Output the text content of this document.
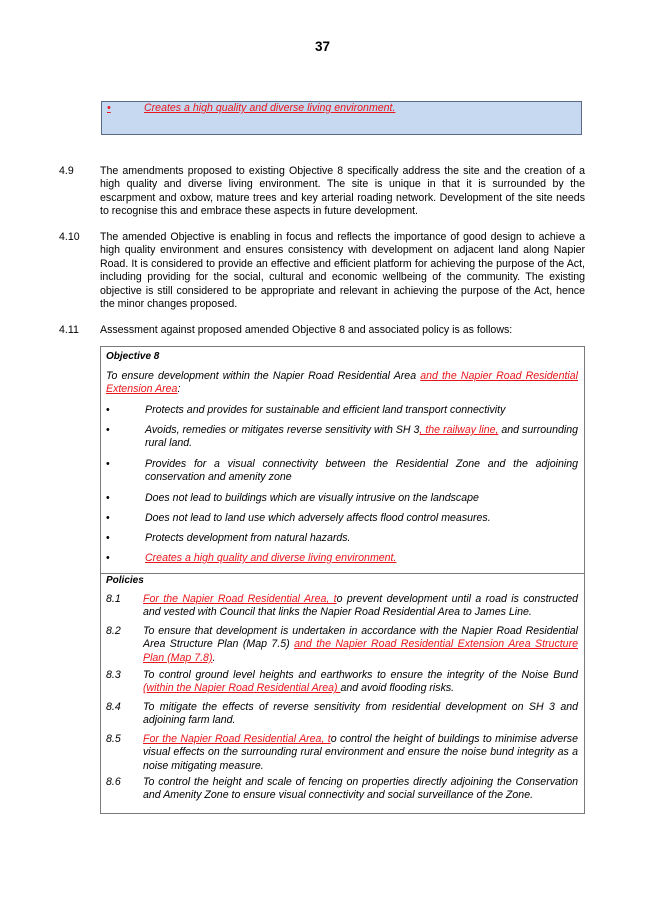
37
•	Creates a high quality and diverse living environment.
4.9 The amendments proposed to existing Objective 8 specifically address the site and the creation of a high quality and diverse living environment. The site is unique in that it is surrounded by the escarpment and oxbow, mature trees and key arterial roading network. Development of the site needs to recognise this and embrace these aspects in future development.
4.10 The amended Objective is enabling in focus and reflects the importance of good design to achieve a high quality environment and ensures consistency with development on adjacent land along Napier Road. It is considered to provide an effective and efficient platform for achieving the purpose of the Act, including providing for the social, cultural and economic wellbeing of the community. The existing objective is still considered to be appropriate and relevant in achieving the purpose of the Act, hence the minor changes proposed.
4.11 Assessment against proposed amended Objective 8 and associated policy is as follows:
Objective 8
To ensure development within the Napier Road Residential Area and the Napier Road Residential Extension Area:
•	Protects and provides for sustainable and efficient land transport connectivity
•	Avoids, remedies or mitigates reverse sensitivity with SH 3, the railway line, and surrounding rural land.
•	Provides for a visual connectivity between the Residential Zone and the adjoining conservation and amenity zone
•	Does not lead to buildings which are visually intrusive on the landscape
•	Does not lead to land use which adversely affects flood control measures.
•	Protects development from natural hazards.
•	Creates a high quality and diverse living environment.
Policies
8.1 For the Napier Road Residential Area, to prevent development until a road is constructed and vested with Council that links the Napier Road Residential Area to James Line.
8.2 To ensure that development is undertaken in accordance with the Napier Road Residential Area Structure Plan (Map 7.5) and the Napier Road Residential Extension Area Structure Plan (Map 7.8).
8.3 To control ground level heights and earthworks to ensure the integrity of the Noise Bund (within the Napier Road Residential Area) and avoid flooding risks.
8.4 To mitigate the effects of reverse sensitivity from residential development on SH 3 and adjoining farm land.
8.5 For the Napier Road Residential Area, to control the height of buildings to minimise adverse visual effects on the surrounding rural environment and ensure the noise bund integrity as a noise mitigating measure.
8.6 To control the height and scale of fencing on properties directly adjoining the Conservation and Amenity Zone to ensure visual connectivity and social surveillance of the Zone.
